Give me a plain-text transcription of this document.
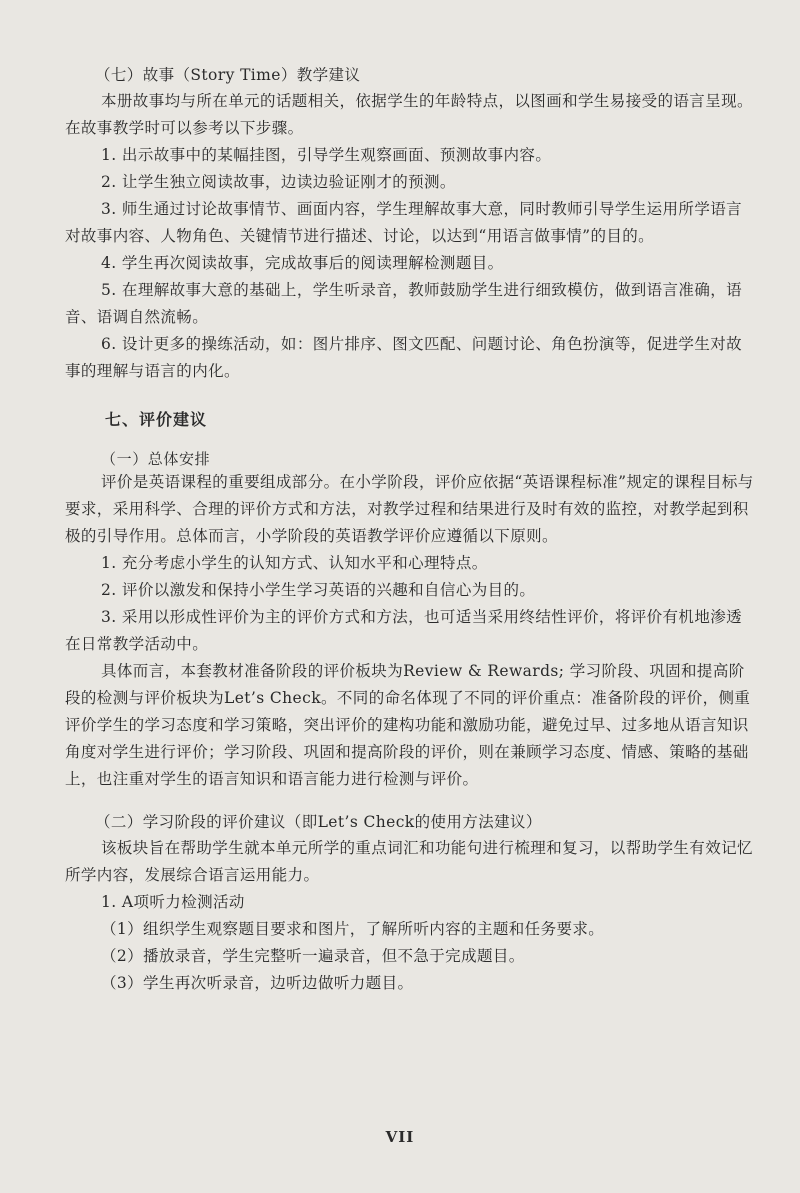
（七）故事（Story Time）教学建议

本册故事均与所在单元的话题相关，依据学生的年龄特点，以图画和学生易接受的语言呈现。在故事教学时可以参考以下步骤。

1. 出示故事中的某幅挂图，引导学生观察画面、预测故事内容。

2. 让学生独立阅读故事，边读边验证刚才的预测。

3. 师生通过讨论故事情节、画面内容，学生理解故事大意，同时教师引导学生运用所学语言对故事内容、人物角色、关键情节进行描述、讨论，以达到“用语言做事情”的目的。

4. 学生再次阅读故事，完成故事后的阅读理解检测题目。

5. 在理解故事大意的基础上，学生听录音，教师鼓励学生进行细致模仿，做到语言准确，语音、语调自然流畅。

6. 设计更多的操练活动，如：图片排序、图文匹配、问题讨论、角色扮演等，促进学生对故事的理解与语言的内化。

七、评价建议
（一）总体安排

评价是英语课程的重要组成部分。在小学阶段，评价应依据“英语课程标准”规定的课程目标与要求，采用科学、合理的评价方式和方法，对教学过程和结果进行及时有效的监控，对教学起到积极的引导作用。总体而言，小学阶段的英语教学评价应遵循以下原则。

1. 充分考虑小学生的认知方式、认知水平和心理特点。

2. 评价以激发和保持小学生学习英语的兴趣和自信心为目的。

3. 采用以形成性评价为主的评价方式和方法，也可适当采用终结性评价，将评价有机地渗透在日常教学活动中。

具体而言，本套教材准备阶段的评价板块为Review & Rewards; 学习阶段、巩固和提高阶段的检测与评价板块为Let’s Check。不同的命名体现了不同的评价重点：准备阶段的评价，侧重评价学生的学习态度和学习策略，突出评价的建构功能和激励功能，避免过早、过多地从语言知识角度对学生进行评价；学习阶段、巩固和提高阶段的评价，则在兼顾学习态度、情感、策略的基础上，也注重对学生的语言知识和语言能力进行检测与评价。

（二）学习阶段的评价建议（即Let’s Check的使用方法建议）

该板块旨在帮助学生就本单元所学的重点词汇和功能句进行梳理和复习，以帮助学生有效记忆所学内容，发展综合语言运用能力。

1. A项听力检测活动

（1）组织学生观察题目要求和图片，了解所听内容的主题和任务要求。

（2）播放录音，学生完整听一遍录音，但不急于完成题目。

（3）学生再次听录音，边听边做听力题目。

VII
